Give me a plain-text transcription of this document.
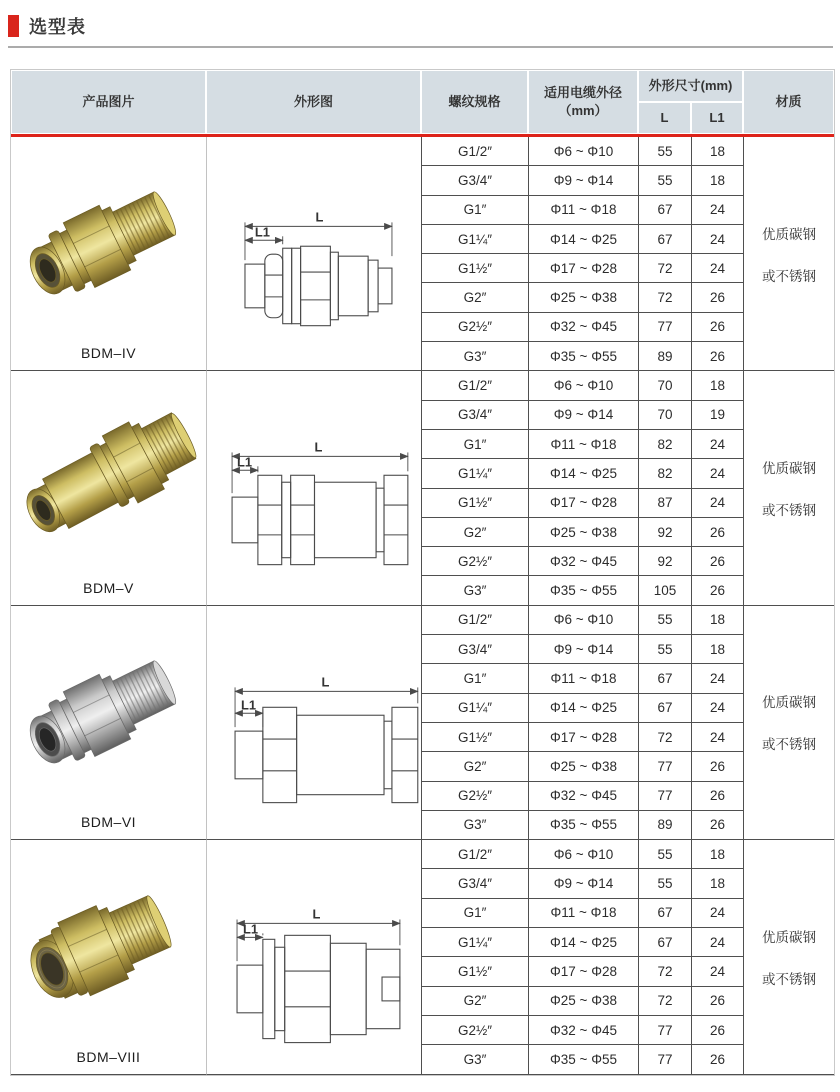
选型表
产品图片	外形图	螺纹规格
适用电缆外径
（mm）
外形尺寸(mm)
L	L1
材质
BDM–IV
L
L1
G1/2″	Φ6 ~ Φ10	55	18
G3/4″	Φ9 ~ Φ14	55	18
G1″	Φ11 ~ Φ18	67	24
G1¼″	Φ14 ~ Φ25	67	24
G1½″	Φ17 ~ Φ28	72	24
G2″	Φ25 ~ Φ38	72	26
G2½″	Φ32 ~ Φ45	77	26
G3″	Φ35 ~ Φ55	89	26
优质碳钢
或不锈钢
BDM–V
L
L1
G1/2″	Φ6 ~ Φ10	70	18
G3/4″	Φ9 ~ Φ14	70	19
G1″	Φ11 ~ Φ18	82	24
G1¼″	Φ14 ~ Φ25	82	24
G1½″	Φ17 ~ Φ28	87	24
G2″	Φ25 ~ Φ38	92	26
G2½″	Φ32 ~ Φ45	92	26
G3″	Φ35 ~ Φ55	105	26
优质碳钢
或不锈钢
BDM–VI
L
L1
G1/2″	Φ6 ~ Φ10	55	18
G3/4″	Φ9 ~ Φ14	55	18
G1″	Φ11 ~ Φ18	67	24
G1¼″	Φ14 ~ Φ25	67	24
G1½″	Φ17 ~ Φ28	72	24
G2″	Φ25 ~ Φ38	77	26
G2½″	Φ32 ~ Φ45	77	26
G3″	Φ35 ~ Φ55	89	26
优质碳钢
或不锈钢
BDM–VIII
L
L1
G1/2″	Φ6 ~ Φ10	55	18
G3/4″	Φ9 ~ Φ14	55	18
G1″	Φ11 ~ Φ18	67	24
G1¼″	Φ14 ~ Φ25	67	24
G1½″	Φ17 ~ Φ28	72	24
G2″	Φ25 ~ Φ38	72	26
G2½″	Φ32 ~ Φ45	77	26
G3″	Φ35 ~ Φ55	77	26
优质碳钢
或不锈钢
